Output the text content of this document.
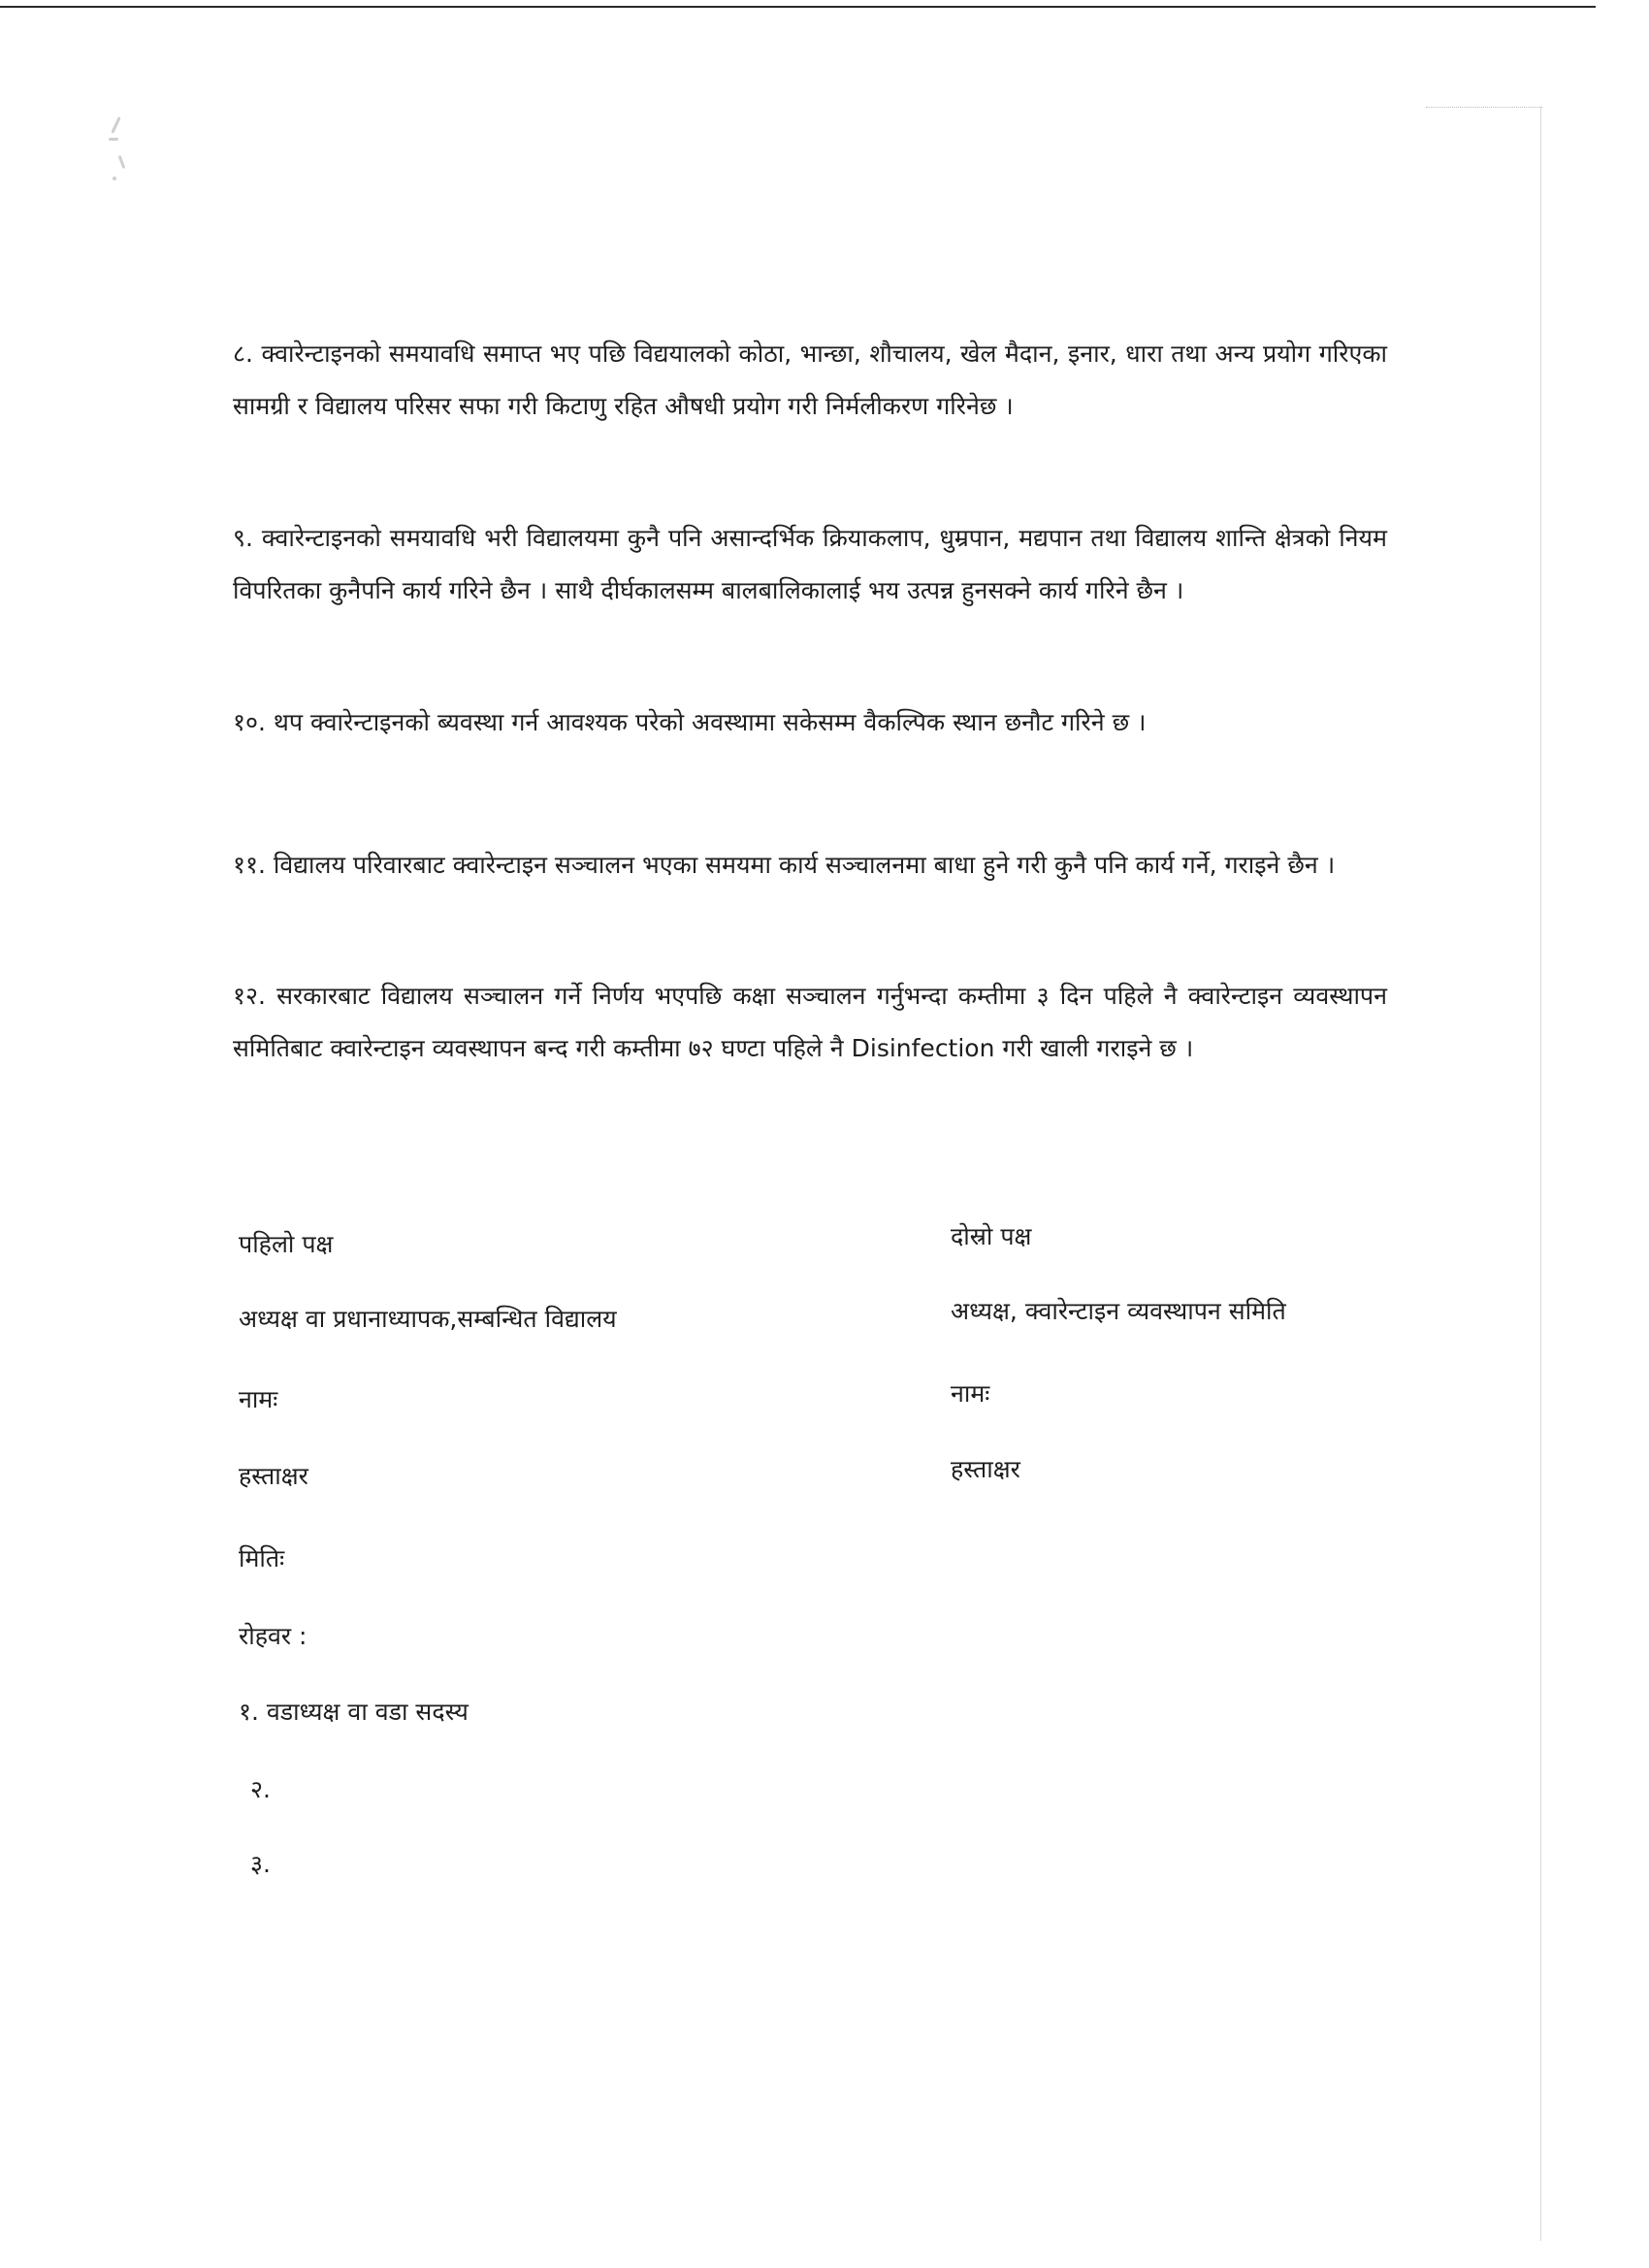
८. क्वारेन्टाइनको समयावधि समाप्त भए पछि विद्ययालको कोठा, भान्छा, शौचालय, खेल मैदान, इनार, धारा तथा अन्य प्रयोग गरिएका सामग्री र विद्यालय परिसर सफा गरी किटाणु रहित औषधी प्रयोग गरी निर्मलीकरण गरिनेछ ।

९. क्वारेन्टाइनको समयावधि भरी विद्यालयमा कुनै पनि असान्दर्भिक क्रियाकलाप, धुम्रपान, मद्यपान तथा विद्यालय शान्ति क्षेत्रको नियम विपरितका कुनैपनि कार्य गरिने छैन । साथै दीर्घकालसम्म बालबालिकालाई भय उत्पन्न हुनसक्ने कार्य गरिने छैन ।

१०. थप क्वारेन्टाइनको ब्यवस्था गर्न आवश्यक परेको अवस्थामा सकेसम्म वैकल्पिक स्थान छनौट गरिने छ ।

११. विद्यालय परिवारबाट क्वारेन्टाइन सञ्चालन भएका समयमा कार्य सञ्चालनमा बाधा हुने गरी कुनै पनि कार्य गर्ने, गराइने छैन ।

१२. सरकारबाट विद्यालय सञ्चालन गर्ने निर्णय भएपछि कक्षा सञ्चालन गर्नुभन्दा कम्तीमा ३ दिन पहिले नै क्वारेन्टाइन व्यवस्थापन समितिबाट क्वारेन्टाइन व्यवस्थापन बन्द गरी कम्तीमा ७२ घण्टा पहिले नै Disinfection गरी खाली गराइने छ ।

पहिलो पक्ष

अध्यक्ष वा प्रधानाध्यापक,सम्बन्धित विद्यालय

नामः

हस्ताक्षर

मितिः

दोस्रो पक्ष

अध्यक्ष, क्वारेन्टाइन व्यवस्थापन समिति

नामः

हस्ताक्षर

रोहवर :

१. वडाध्यक्ष वा वडा सदस्य

२.

३.
